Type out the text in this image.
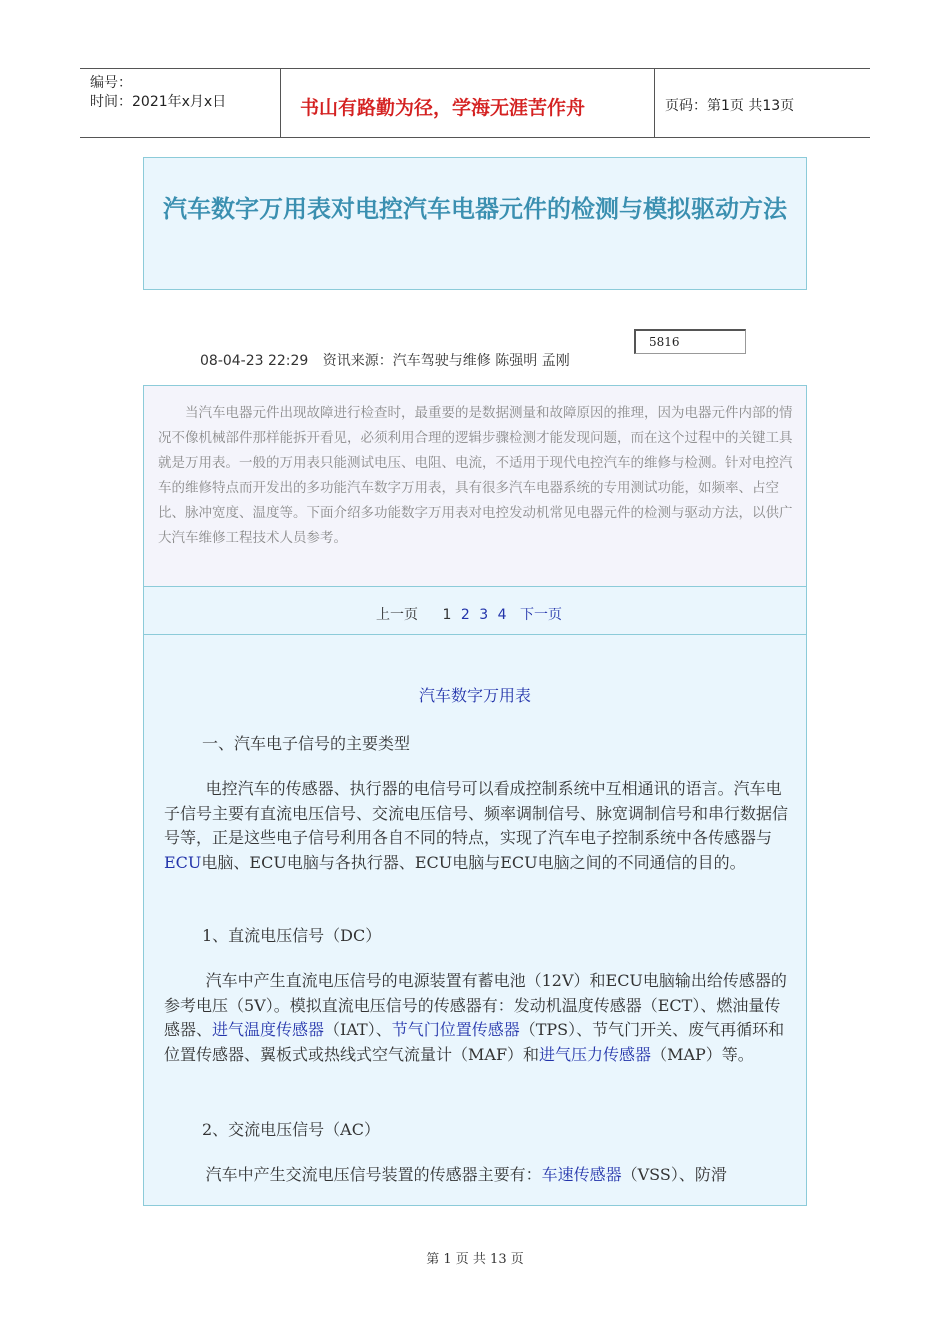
编号：
时间：2021年x月x日	书山有路勤为径，学海无涯苦作舟	页码：第1页 共13页
汽车数字万用表对电控汽车电器元件的检测与模拟驱动方法
08-04-23 22:29 资讯来源：汽车驾驶与维修 陈强明 孟刚
5816

当汽车电器元件出现故障进行检查时，最重要的是数据测量和故障原因的推理，因为电器元件内部的情况不像机械部件那样能拆开看见，必须利用合理的逻辑步骤检测才能发现问题，而在这个过程中的关键工具就是万用表。一般的万用表只能测试电压、电阻、电流，不适用于现代电控汽车的维修与检测。针对电控汽车的维修特点而开发出的多功能汽车数字万用表，具有很多汽车电器系统的专用测试功能，如频率、占空比、脉冲宽度、温度等。下面介绍多功能数字万用表对电控发动机常见电器元件的检测与驱动方法，以供广大汽车维修工程技术人员参考。

上一页 1 2 3 4 下一页
汽车数字万用表
一、汽车电子信号的主要类型

电控汽车的传感器、执行器的电信号可以看成控制系统中互相通讯的语言。汽车电子信号主要有直流电压信号、交流电压信号、频率调制信号、脉宽调制信号和串行数据信号等，正是这些电子信号利用各自不同的特点，实现了汽车电子控制系统中各传感器与ECU电脑、ECU电脑与各执行器、ECU电脑与ECU电脑之间的不同通信的目的。

1、直流电压信号（DC）

汽车中产生直流电压信号的电源装置有蓄电池（12V）和ECU电脑输出给传感器的参考电压（5V）。模拟直流电压信号的传感器有：发动机温度传感器（ECT）、燃油量传感器、进气温度传感器（IAT）、节气门位置传感器（TPS）、节气门开关、废气再循环和位置传感器、翼板式或热线式空气流量计（MAF）和进气压力传感器（MAP）等。

2、交流电压信号（AC）

汽车中产生交流电压信号装置的传感器主要有：车速传感器（VSS）、防滑

第 1 页 共 13 页
